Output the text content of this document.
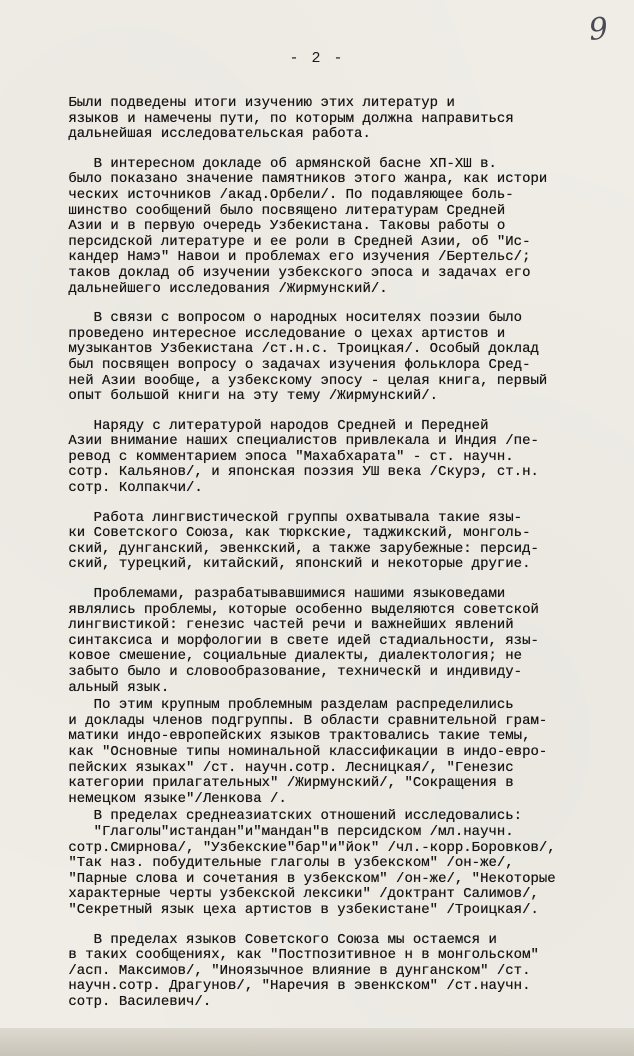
9
- 2 -
Были подведены итоги изучению этих литератур и
языков и намечены пути, по которым должна направиться
дальнейшая исследовательская работа.
В интересном докладе об армянской басне XП-XШ в.
было показано значение памятников этого жанра, как истори
ческих источников /акад.Орбели/. По подавляющее боль-
шинство сообщений было посвящено литературам Средней
Азии и в первую очередь Узбекистана. Таковы работы о
персидской литературе и ее роли в Средней Азии, об "Ис-
кандер Намэ" Навои и проблемах его изучения /Бертельс/;
таков доклад об изучении узбекского эпоса и задачах его
дальнейшего исследования /Жирмунский/.
В связи с вопросом о народных носителях поэзии было
проведено интересное исследование о цехах артистов и
музыкантов Узбекистана /ст.н.с. Троицкая/. Особый доклад
был посвящен вопросу о задачах изучения фольклора Сред-
ней Азии вообще, а узбекскому эпосу - целая книга, первый
опыт большой книги на эту тему /Жирмунский/.
Наряду с литературой народов Средней и Передней
Азии внимание наших специалистов привлекала и Индия /пе-
ревод с комментарием эпоса "Махабхарата" - ст. научн.
сотр. Кальянов/, и японская поэзия УШ века /Скурэ, ст.н.
сотр. Колпакчи/.
Работа лингвистической группы охватывала такие язы-
ки Советского Союза, как тюркские, таджикский, монголь-
ский, дунганский, эвенкский, а также зарубежные: персид-
ский, турецкий, китайский, японский и некоторые другие.
Проблемами, разрабатывавшимися нашими языковедами
являлись проблемы, которые особенно выделяются советской
лингвистикой: генезис частей речи и важнейших явлений
синтаксиса и морфологии в свете идей стадиальности, язы-
ковое смешение, социальные диалекты, диалектология; не
забыто было и словообразование, техническй и индивиду-
альный язык.
По этим крупным проблемным разделам распределились
и доклады членов подгруппы. В области сравнительной грам-
матики индо-европейских языков трактовались такие темы,
как "Основные типы номинальной классификации в индо-евро-
пейских языках" /ст. научн.сотр. Лесницкая/, "Генезис
категории прилагательных" /Жирмунский/, "Сокращения в
немецком языке"/Ленкова /.
В пределах среднеазиатских отношений исследовались:
"Глаголы"истандан"и"мандан"в персидском /мл.научн.
сотр.Смирнова/, "Узбекские"бар"и"йок" /чл.-корр.Боровков/,
"Так наз. побудительные глаголы в узбекском" /он-же/,
"Парные слова и сочетания в узбекском" /он-же/, "Некоторые
характерные черты узбекской лексики" /доктрант Салимов/,
"Секретный язык цеха артистов в узбекистане" /Троицкая/.
В пределах языков Советского Союза мы остаемся и
в таких сообщениях, как "Постпозитивное н в монгольском"
/асп. Максимов/, "Иноязычное влияние в дунганском" /ст.
научн.сотр. Драгунов/, "Наречия в эвенкском" /ст.научн.
сотр. Василевич/.
